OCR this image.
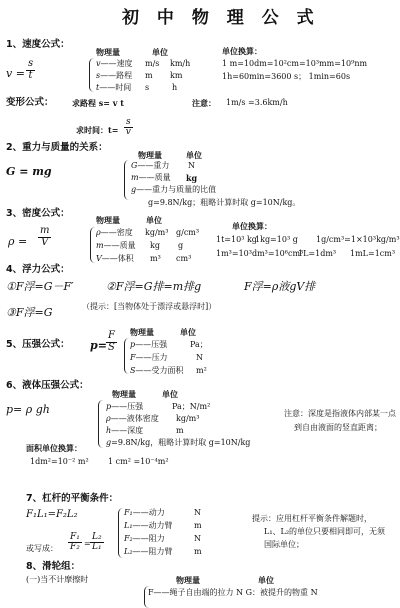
初 中 物 理 公 式
1、速度公式：
$v = \frac{s}{t}$
物理量	单位	单位换算：
v——速度 m/s km/h
s——路程 m km
t——时间 s	h
1 m=10dm=10²cm=10³mm=10⁹nm
1h=60min=3600 s； 1min=60s
变形公式： 求路程 s= v t	注意： 1m/s =3.6km/h
求时间：$t= \frac{s}{v}$
2、重力与质量的关系：
G = mg
物理量	单位
G——重力 N
m——质量 kg
g——重力与质量的比值
g=9.8N/kg；粗略计算时取 g=10N/kg。
3、密度公式：
$\rho = \frac{m}{V}$
物理量	单位
单位换算：
ρ——密度 kg/m³ g/cm³
m——质量 kg g
V——体积 m³ cm³
1t=10³ kg
1kg=10³ g 1g/cm³=1×10³kg/m³
1m³=10³dm³=10⁶cm³
1L=1dm³ 1mL=1cm³
4、浮力公式：
①F浮=G－F′	②F浮=G排=m排g	F浮=ρ液gV排
③F浮=G	（提示：[当物体处于漂浮或悬浮时]）
5、压强公式： $p= \frac{F}{S}$ 物理量	单位
p——压强	Pa；
F——压力	N
S——受力面积 m²
6、液体压强公式：
p= ρ gh
物理量	单位
p——压强	Pa；N/m²
ρ——液体密度 kg/m³
h——深度	m
g=9.8N/kg，粗略计算时取 g=10N/kg
注意：深度是指液体内部某一点
到自由液面的竖直距离；
面积单位换算：
1dm²=10⁻² m² 1 cm² =10⁻⁴m²
7、杠杆的平衡条件：
F₁L₁=F₂L₂
或写成： $\frac{\text{F₁}}{\text{F₂}} = \frac{\text{L₂}}{\text{L₁}}$
F₁——动力	N
L₁——动力臂	m
F₂——阻力	N
L₂——阻力臂	m
提示：应用杠杆平衡条件解题时，
L₁、L₂的单位只要相同即可，无须
国际单位；
8、滑轮组：
(一)当不计摩擦时	物理量	单位
F——绳子自由端的拉力 N G：被提升的物重 N
